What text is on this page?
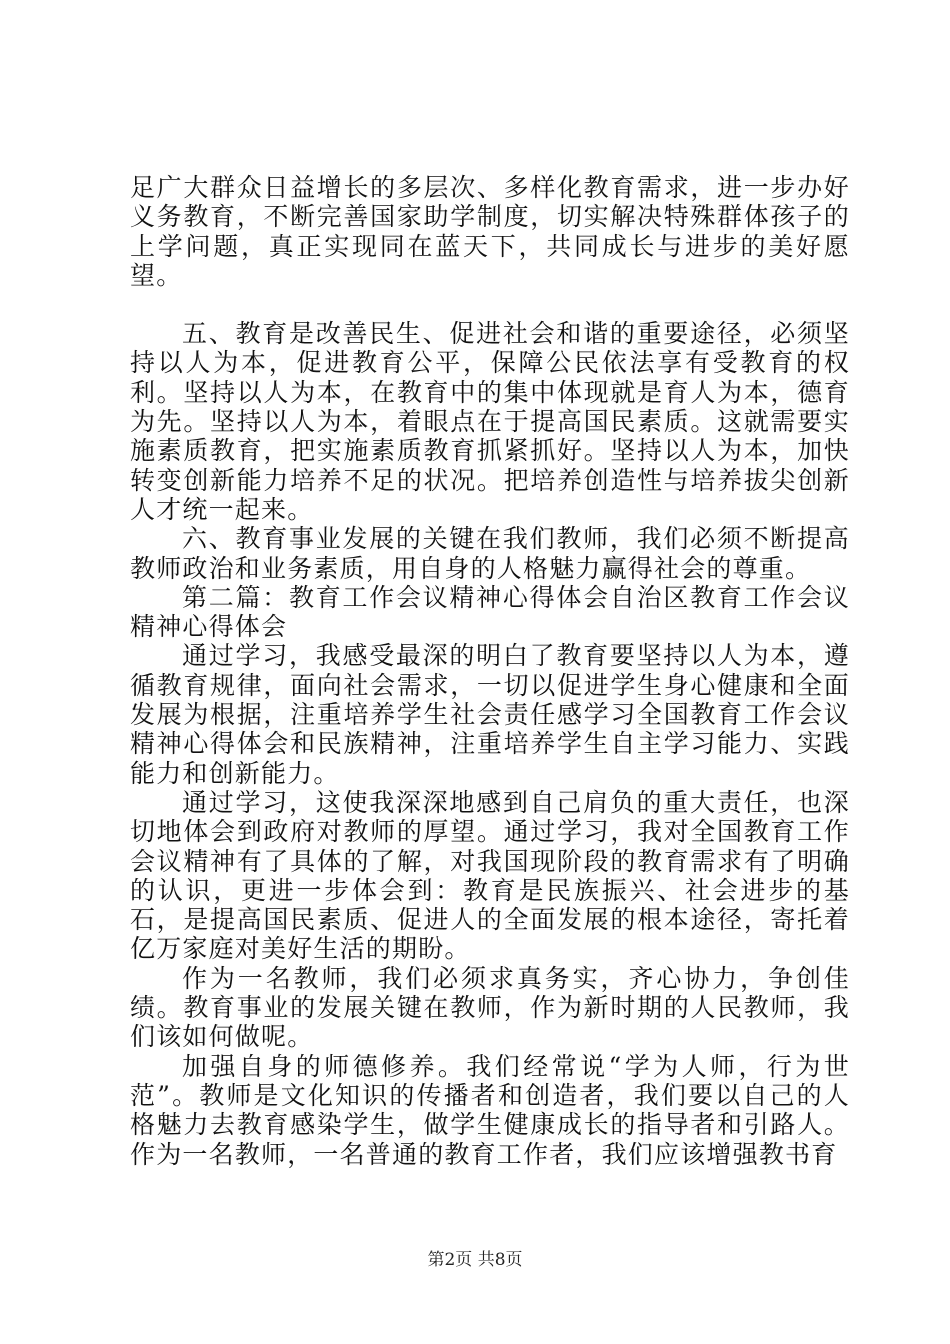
足广大群众日益增长的多层次、多样化教育需求，进一步办好义务教育，不断完善国家助学制度，切实解决特殊群体孩子的上学问题，真正实现同在蓝天下，共同成长与进步的美好愿望。

五、教育是改善民生、促进社会和谐的重要途径，必须坚持以人为本，促进教育公平，保障公民依法享有受教育的权利。坚持以人为本，在教育中的集中体现就是育人为本，德育为先。坚持以人为本，着眼点在于提高国民素质。这就需要实施素质教育，把实施素质教育抓紧抓好。坚持以人为本，加快转变创新能力培养不足的状况。把培养创造性与培养拔尖创新人才统一起来。

六、教育事业发展的关键在我们教师，我们必须不断提高教师政治和业务素质，用自身的人格魅力赢得社会的尊重。

第二篇：教育工作会议精神心得体会自治区教育工作会议精神心得体会

通过学习，我感受最深的明白了教育要坚持以人为本，遵循教育规律，面向社会需求，一切以促进学生身心健康和全面发展为根据，注重培养学生社会责任感学习全国教育工作会议精神心得体会和民族精神，注重培养学生自主学习能力、实践能力和创新能力。

通过学习，这使我深深地感到自己肩负的重大责任，也深切地体会到政府对教师的厚望。通过学习，我对全国教育工作会议精神有了具体的了解，对我国现阶段的教育需求有了明确的认识，更进一步体会到：教育是民族振兴、社会进步的基石，是提高国民素质、促进人的全面发展的根本途径，寄托着亿万家庭对美好生活的期盼。

作为一名教师，我们必须求真务实，齐心协力，争创佳绩。教育事业的发展关键在教师，作为新时期的人民教师，我们该如何做呢。

加强自身的师德修养。我们经常说“学为人师，行为世范”。教师是文化知识的传播者和创造者，我们要以自己的人格魅力去教育感染学生，做学生健康成长的指导者和引路人。作为一名教师，一名普通的教育工作者，我们应该增强教书育

第2页 共8页
